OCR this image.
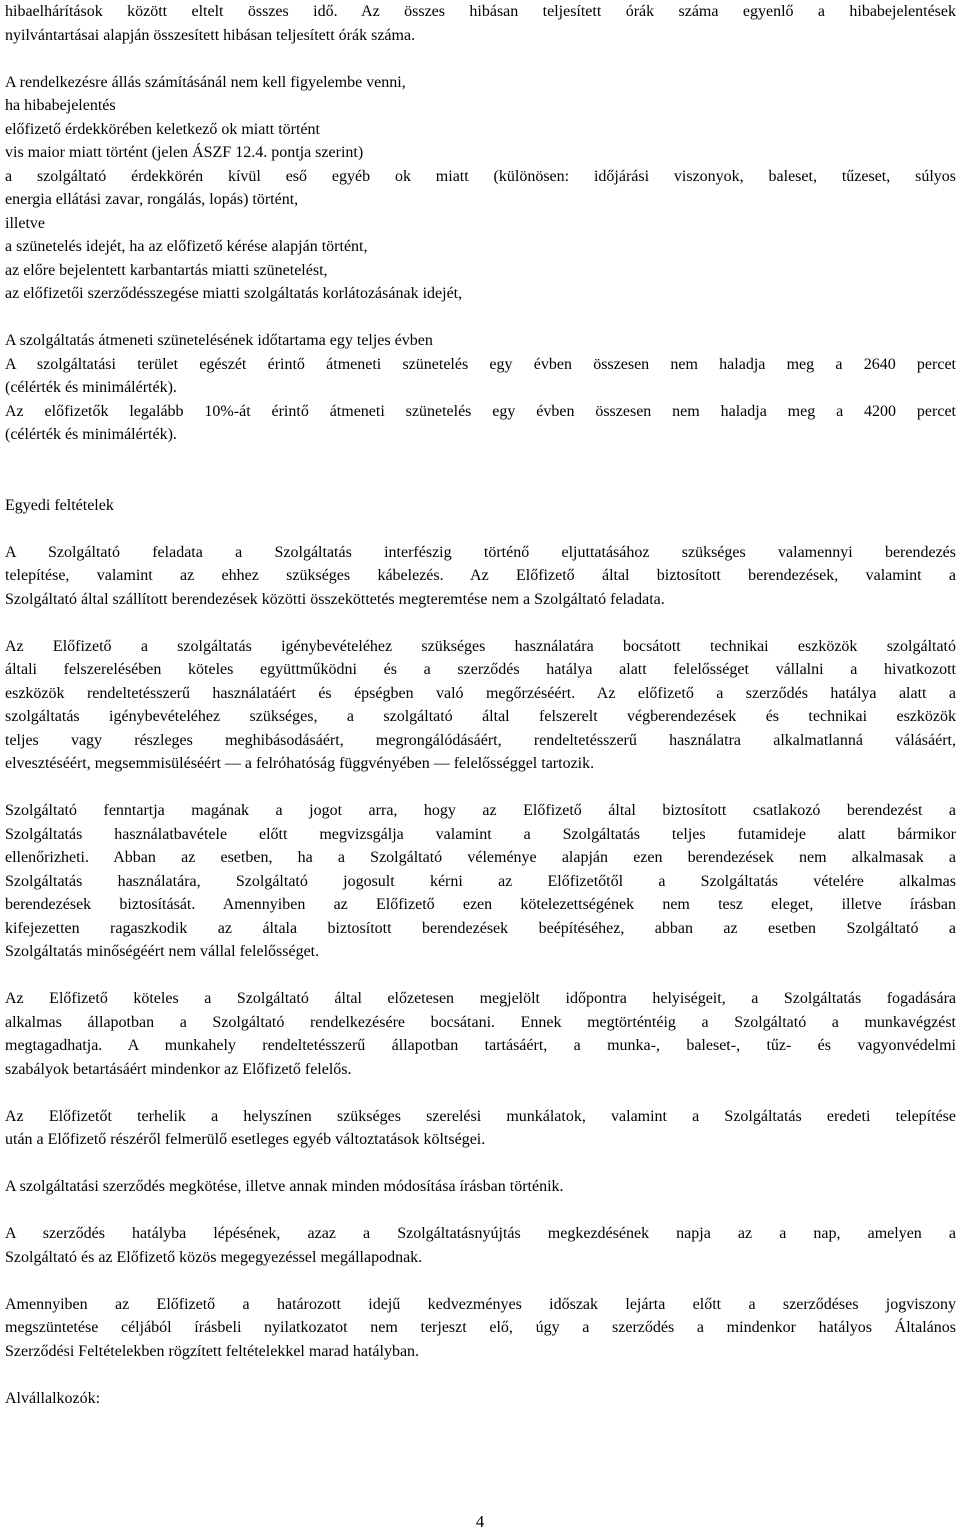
hibaelhárítások között eltelt összes idő. Az összes hibásan teljesített órák száma egyenlő a hibabejelentések
nyilvántartásai alapján összesített hibásan teljesített órák száma.
A rendelkezésre állás számításánál nem kell figyelembe venni,
ha hibabejelentés
előfizető érdekkörében keletkező ok miatt történt
vis maior miatt történt (jelen ÁSZF 12.4. pontja szerint)
a szolgáltató érdekkörén kívül eső egyéb ok miatt (különösen: időjárási viszonyok, baleset, tűzeset, súlyos
energia ellátási zavar, rongálás, lopás) történt,
illetve
a szünetelés idejét, ha az előfizető kérése alapján történt,
az előre bejelentett karbantartás miatti szünetelést,
az előfizetői szerződésszegése miatti szolgáltatás korlátozásának idejét,
A szolgáltatás átmeneti szünetelésének időtartama egy teljes évben
A szolgáltatási terület egészét érintő átmeneti szünetelés egy évben összesen nem haladja meg a 2640 percet
(célérték és minimálérték).
Az előfizetők legalább 10%-át érintő átmeneti szünetelés egy évben összesen nem haladja meg a 4200 percet
(célérték és minimálérték).
Egyedi feltételek
A Szolgáltató feladata a Szolgáltatás interfészig történő eljuttatásához szükséges valamennyi berendezés
telepítése, valamint az ehhez szükséges kábelezés. Az Előfizető által biztosított berendezések, valamint a
Szolgáltató által szállított berendezések közötti összeköttetés megteremtése nem a Szolgáltató feladata.
Az Előfizető a szolgáltatás igénybevételéhez szükséges használatára bocsátott technikai eszközök szolgáltató
általi felszerelésében köteles együttműködni és a szerződés hatálya alatt felelősséget vállalni a hivatkozott
eszközök rendeltetésszerű használatáért és épségben való megőrzéséért. Az előfizető a szerződés hatálya alatt a
szolgáltatás igénybevételéhez szükséges, a szolgáltató által felszerelt végberendezések és technikai eszközök
teljes vagy részleges meghibásodásáért, megrongálódásáért, rendeltetésszerű használatra alkalmatlanná válásáért,
elvesztéséért, megsemmisüléséért — a felróhatóság függvényében — felelősséggel tartozik.
Szolgáltató fenntartja magának a jogot arra, hogy az Előfizető által biztosított csatlakozó berendezést a
Szolgáltatás használatbavétele előtt megvizsgálja valamint a Szolgáltatás teljes futamideje alatt bármikor
ellenőrizheti. Abban az esetben, ha a Szolgáltató véleménye alapján ezen berendezések nem alkalmasak a
Szolgáltatás használatára, Szolgáltató jogosult kérni az Előfizetőtől a Szolgáltatás vételére alkalmas
berendezések biztosítását. Amennyiben az Előfizető ezen kötelezettségének nem tesz eleget, illetve írásban
kifejezetten ragaszkodik az általa biztosított berendezések beépítéséhez, abban az esetben Szolgáltató a
Szolgáltatás minőségéért nem vállal felelősséget.
Az Előfizető köteles a Szolgáltató által előzetesen megjelölt időpontra helyiségeit, a Szolgáltatás fogadására
alkalmas állapotban a Szolgáltató rendelkezésére bocsátani. Ennek megtörténtéig a Szolgáltató a munkavégzést
megtagadhatja. A munkahely rendeltetésszerű állapotban tartásáért, a munka-, baleset-, tűz- és vagyonvédelmi
szabályok betartásáért mindenkor az Előfizető felelős.
Az Előfizetőt terhelik a helyszínen szükséges szerelési munkálatok, valamint a Szolgáltatás eredeti telepítése
után a Előfizető részéről felmerülő esetleges egyéb változtatások költségei.
A szolgáltatási szerződés megkötése, illetve annak minden módosítása írásban történik.
A szerződés hatályba lépésének, azaz a Szolgáltatásnyújtás megkezdésének napja az a nap, amelyen a
Szolgáltató és az Előfizető közös megegyezéssel megállapodnak.
Amennyiben az Előfizető a határozott idejű kedvezményes időszak lejárta előtt a szerződéses jogviszony
megszüntetése céljából írásbeli nyilatkozatot nem terjeszt elő, úgy a szerződés a mindenkor hatályos Általános
Szerződési Feltételekben rögzített feltételekkel marad hatályban.
Alvállalkozók:
4
